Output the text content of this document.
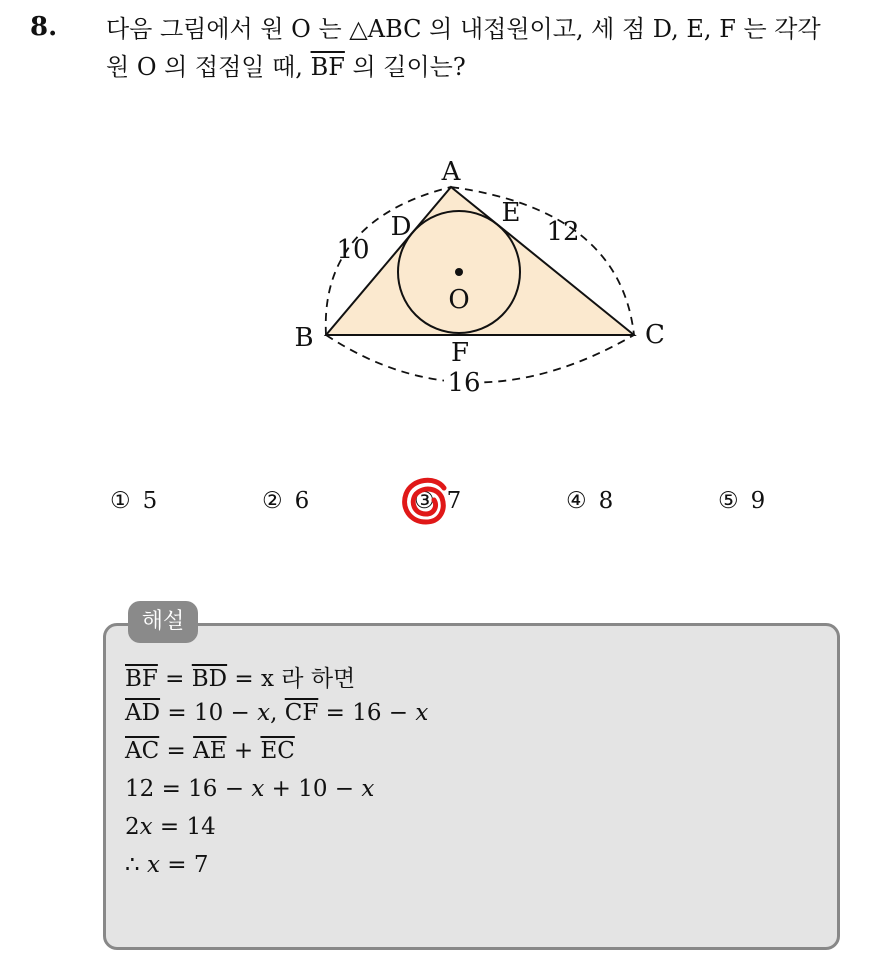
8. 다음 그림에서 원 O 는 △ABC 의 내접원이고, 세 점 D, E, F 는 각각
원 O 의 접점일 때, $\overline{BF}$ 의 길이는?
A
B	C
D	E
F
O
10
12
16
① 5	② 6	③ 7	④ 8	⑤ 9
해설
$\overline{BF} = \overline{BD} = x$ 라 하면
$\overline{AD} = 10 - x$, $\overline{CF} = 16 - x$
$\overline{AC} = \overline{AE} + \overline{EC}$
12 = 16 − x + 10 − x
2x = 14
∴ x = 7
